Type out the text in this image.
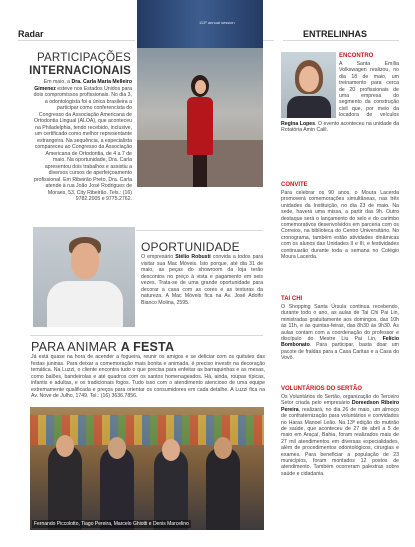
Radar	ENTRELINHAS
113º annual session
PARTICIPAÇÕES
INTERNACIONAIS
Em maio, a Dra. Carla Maria Melleiro Gimenez esteve nos Estados Unidos para dois compromissos profissionais. No dia 3, a odontologista foi a única brasileira a participar como conferencista do Congresso da Associação Americana de Ortodontia Lingual (ALOA), que aconteceu na Philadelphia, tendo recebido, inclusive, um certificado como melhor representante estrangeira. Na sequência, a especialista compareceu ao Congresso da Associação Americana de Ortodontia, de 4 a 7 de maio. Na oportunidade, Dra. Carla apresentou dois trabalhos e assistiu a diversos cursos de aperfeiçoamento profissional. Em Ribeirão Preto, Dra. Carla atende à rua João José Rodrigues de Moraes, 53, City Ribeirão. Tels.: (16) 9782.2005 e 9775.2762.
OPORTUNIDADE
O empresário Stélio Robusti convida a todos para visitar sua Mac Móveis. Isto porque, até dia 31 de maio, as peças do showroom da loja terão descontos no preço à vista e pagamento em seis vezes. Trata-se de uma grande oportunidade para decorar a casa com as cores e as texturas da natureza. A Mac Móveis fica na Av. José Adolfo Bianco Molina, 2595.
PARA ANIMAR A FESTA
Já está quase na hora de acender a fogueira, reunir os amigos e se deliciar com os quitutes das festas juninas. Para deixar a comemoração mais bonita e animada, é preciso investir na decoração temática. Na Luzzi, o cliente encontra tudo o que precisa para enfeitar as barraquinhas e as mesas, como balões, bandeirolas e até quadros com os santos homenageados. Há, ainda, roupas típicas, infantis e adultas, e os tradicionais fogos. Tudo isso com o atendimento atencioso de uma equipe extremamente qualificada e preços para orientar os consumidores em cada detalhe. A Luzzi fica na Av. Nove de Julho, 1749. Tel.: (16) 3636.7856.
Fernando Piccolotto, Tiago Pereira, Marcelo Ghiotti e Denis Marcelino
ENCONTRO
A Santa Emília Volkswagen realizou, no dia 18 de maio, um treinamento para cerca de 20 profissionais de uma empresa do segmento da construção civil que, por meio da locadora de veículos
Regina Lopes. O evento aconteceu na unidade da Rotatória Amin Calil.
CONVITE
Para celebrar os 90 anos, o Moura Lacerda promoverá comemorações simultâneas, nas três unidades da Instituição, no dia 23 de maio. Na sede, haverá uma missa, a partir das 9h. Outro destaque será o lançamento do selo e do carimbo comemorativos desenvolvidos em parceria com os Correios, na biblioteca do Centro Universitário. No cronograma, também estão atividades dinâmicas com os alunos das Unidades II e III, e festividades continuarão durante toda a semana no Colégio Moura Lacerda.
TAI CHI
O Shopping Santa Úrsula continua recebendo, durante todo o ano, as aulas de Tai Chi Pai Lin, ministradas gratuitamente aos domingos, das 10h às 11h, e às quintas-feiras, das 8h30 às 9h30. As aulas contam com a coordenação do professor e discípulo do Mestre Liu Pai Lin, Felício Bombonato. Para participar, basta doar um pacote de fraldas para a Casa Caritas e a Casa do Vovô.
VOLUNTÁRIOS DO SERTÃO
Os Voluntários do Sertão, organização do Terceiro Setor criada pelo empresário Doreedson Ribeiro Pereira, realizará, no dia 26 de maio, um almoço de confraternização para voluntários e convidados no Haras Manoel Leão. Na 13ª edição do mutirão de saúde, que aconteceu de 27 de abril a 5 de maio em Araçaí, Bahia, foram realizados mais de 27 mil atendimentos em diversas especialidades, além de procedimentos odontológicos, cirurgias e exames. Para beneficiar a população de 23 municípios, foram montados 12 postos de atendimento. Também ocorreram palestras sobre saúde e cidadania.
